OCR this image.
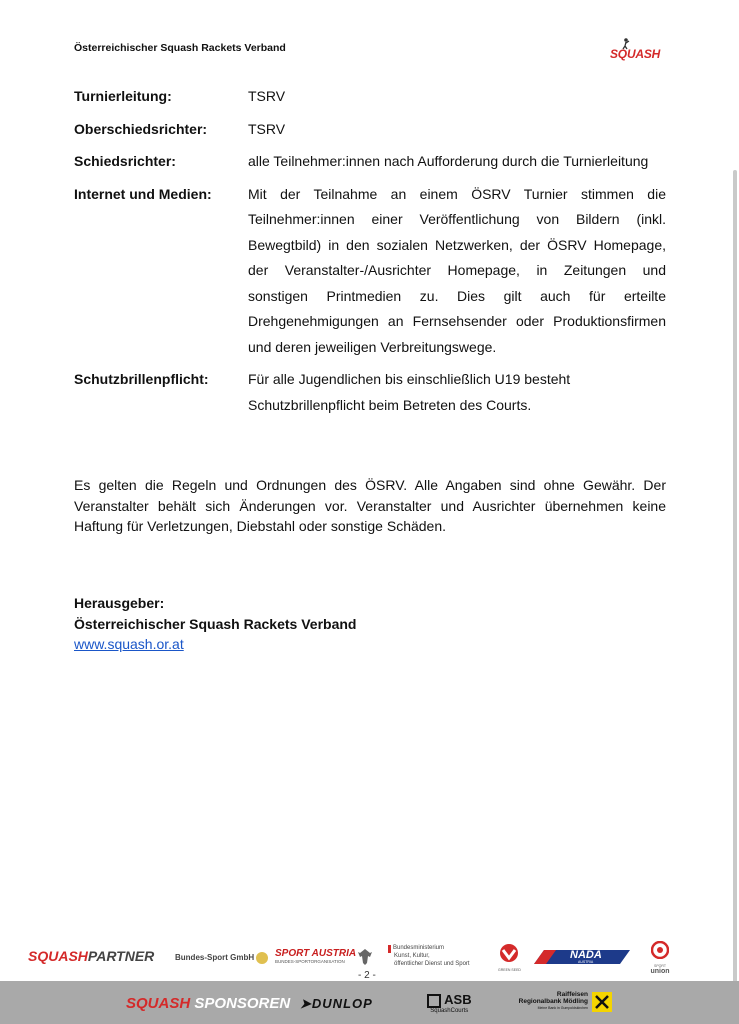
Österreichischer Squash Rackets Verband	SQUASH
Turnierleitung:	TSRV
Oberschiedsrichter:	TSRV
Schiedsrichter:	alle Teilnehmer:innen nach Aufforderung durch die Turnierleitung
Internet und Medien:	Mit der Teilnahme an einem ÖSRV Turnier stimmen die Teilnehmer:innen einer Veröffentlichung von Bildern (inkl. Bewegtbild) in den sozialen Netzwerken, der ÖSRV Homepage, der Veranstalter-/Ausrichter Homepage, in Zeitungen und sonstigen Printmedien zu. Dies gilt auch für erteilte Drehgenehmigungen an Fernsehsender oder Produktionsfirmen und deren jeweiligen Verbreitungswege.
Schutzbrillenpflicht:	Für alle Jugendlichen bis einschließlich U19 besteht Schutzbrillenpflicht beim Betreten des Courts.
Es gelten die Regeln und Ordnungen des ÖSRV. Alle Angaben sind ohne Gewähr. Der Veranstalter behält sich Änderungen vor. Veranstalter und Ausrichter übernehmen keine Haftung für Verletzungen, Diebstahl oder sonstige Schäden.
Herausgeber:
Österreichischer Squash Rackets Verband
www.squash.or.at
SQUASHPARTNER	Bundes-Sport GmbH	SPORT AUSTRIA
BUNDES-SPORTORGANISATION
Bundesministerium
Kunst, Kultur,
öffentlicher Dienst und Sport
GREEN SEED
NADA
AUSTRIA
SPORT
union
- 2 -
SQUASH SPONSOREN ➤DUNLOP	ASB
SquashCourts
Raiffeisen
Regionalbank Mödling
Meine Bank in Gumpoldskirchen
